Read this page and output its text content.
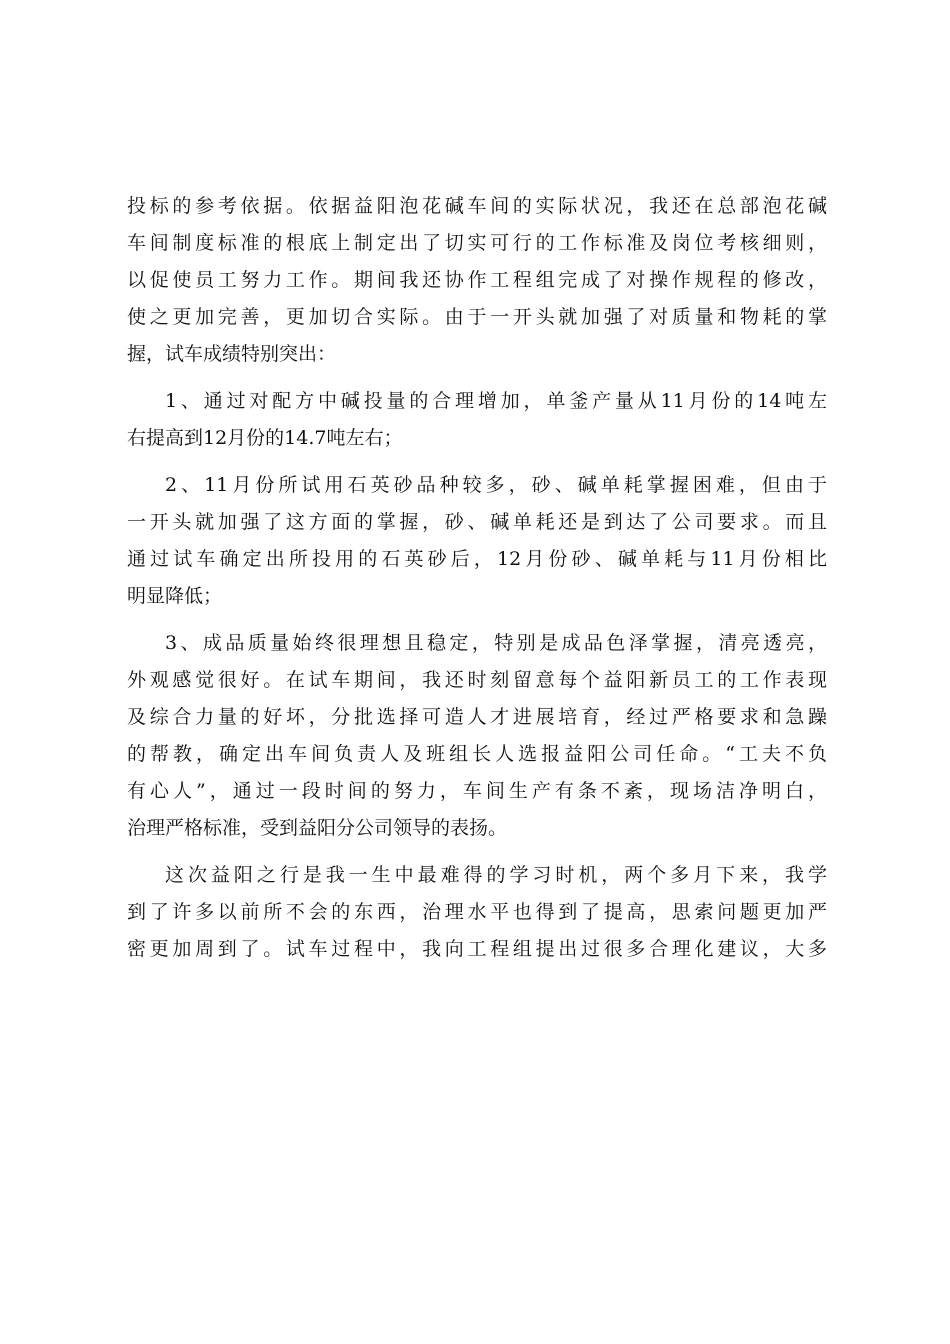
投标的参考依据。依据益阳泡花碱车间的实际状况，我还在总部泡花碱
车间制度标准的根底上制定出了切实可行的工作标准及岗位考核细则，
以促使员工努力工作。期间我还协作工程组完成了对操作规程的修改，
使之更加完善，更加切合实际。由于一开头就加强了对质量和物耗的掌
握，试车成绩特别突出：
1、通过对配方中碱投量的合理增加，单釜产量从11月份的14吨左
右提高到12月份的14.7吨左右；
2、11月份所试用石英砂品种较多，砂、碱单耗掌握困难，但由于
一开头就加强了这方面的掌握，砂、碱单耗还是到达了公司要求。而且
通过试车确定出所投用的石英砂后，12月份砂、碱单耗与11月份相比
明显降低；
3、成品质量始终很理想且稳定，特别是成品色泽掌握，清亮透亮，
外观感觉很好。在试车期间，我还时刻留意每个益阳新员工的工作表现
及综合力量的好坏，分批选择可造人才进展培育，经过严格要求和急躁
的帮教，确定出车间负责人及班组长人选报益阳公司任命。“工夫不负
有心人”，通过一段时间的努力，车间生产有条不紊，现场洁净明白，
治理严格标准，受到益阳分公司领导的表扬。
这次益阳之行是我一生中最难得的学习时机，两个多月下来，我学
到了许多以前所不会的东西，治理水平也得到了提高，思索问题更加严
密更加周到了。试车过程中，我向工程组提出过很多合理化建议，大多
